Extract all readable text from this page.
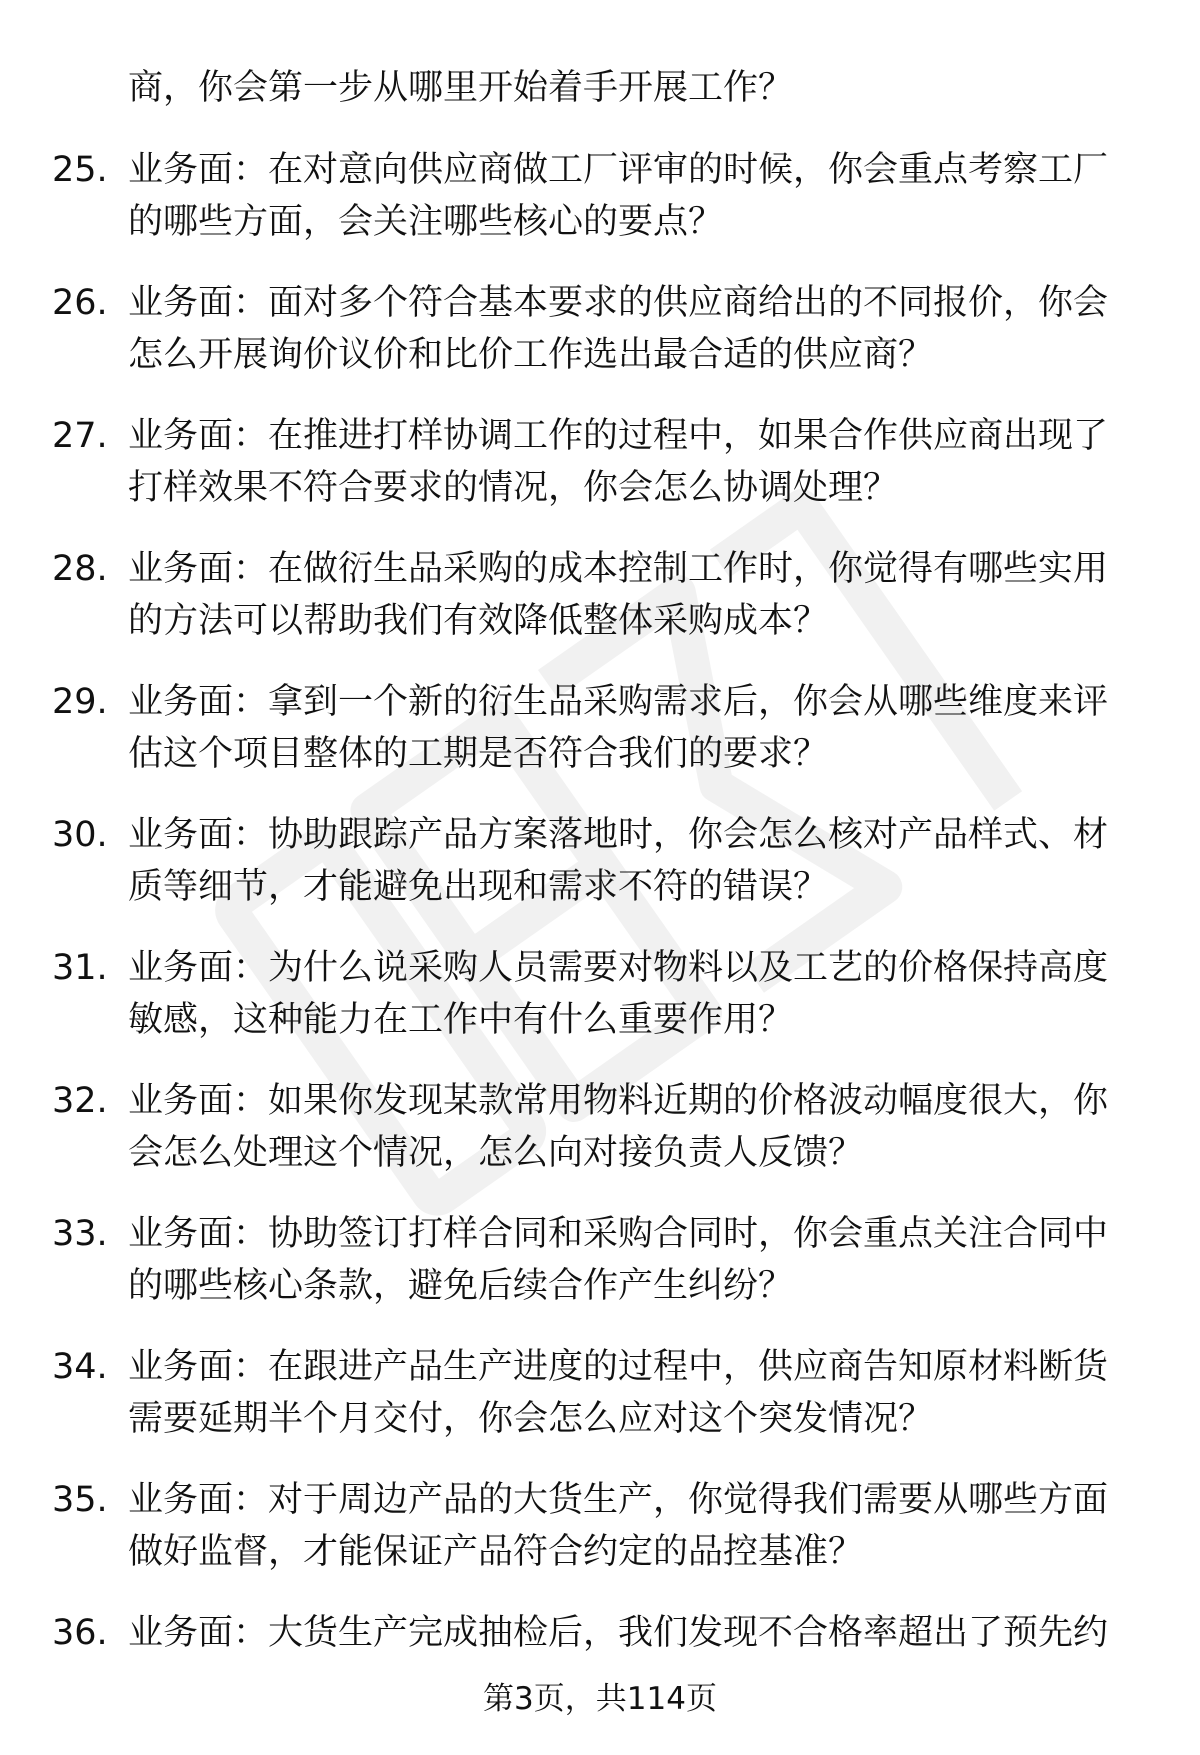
商，你会第一步从哪里开始着手开展工作？
25. 业务面：在对意向供应商做工厂评审的时候，你会重点考察工厂
的哪些方面，会关注哪些核心的要点？
26. 业务面：面对多个符合基本要求的供应商给出的不同报价，你会
怎么开展询价议价和比价工作选出最合适的供应商？
27. 业务面：在推进打样协调工作的过程中，如果合作供应商出现了
打样效果不符合要求的情况，你会怎么协调处理？
28. 业务面：在做衍生品采购的成本控制工作时，你觉得有哪些实用
的方法可以帮助我们有效降低整体采购成本？
29. 业务面：拿到一个新的衍生品采购需求后，你会从哪些维度来评
估这个项目整体的工期是否符合我们的要求？
30. 业务面：协助跟踪产品方案落地时，你会怎么核对产品样式、材
质等细节，才能避免出现和需求不符的错误？
31. 业务面：为什么说采购人员需要对物料以及工艺的价格保持高度
敏感，这种能力在工作中有什么重要作用？
32. 业务面：如果你发现某款常用物料近期的价格波动幅度很大，你
会怎么处理这个情况，怎么向对接负责人反馈？
33. 业务面：协助签订打样合同和采购合同时，你会重点关注合同中
的哪些核心条款，避免后续合作产生纠纷？
34. 业务面：在跟进产品生产进度的过程中，供应商告知原材料断货
需要延期半个月交付，你会怎么应对这个突发情况？
35. 业务面：对于周边产品的大货生产，你觉得我们需要从哪些方面
做好监督，才能保证产品符合约定的品控基准？
36. 业务面：大货生产完成抽检后，我们发现不合格率超出了预先约
第3页，共114页
